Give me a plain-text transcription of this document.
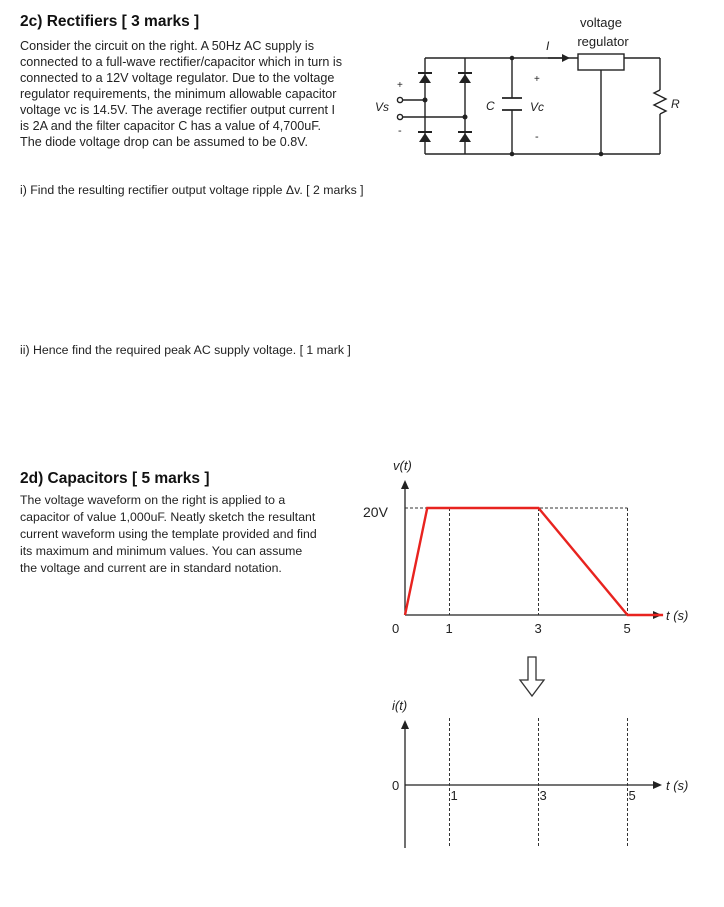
2c) Rectifiers [ 3 marks ]
Consider the circuit on the right. A 50Hz AC supply is
connected to a full-wave rectifier/capacitor which in turn is
connected to a 12V voltage regulator. Due to the voltage
regulator requirements, the minimum allowable capacitor
voltage vᴄ is 14.5V. The average rectifier output current I
is 2A and the filter capacitor C has a value of 4,700uF.
The diode voltage drop can be assumed to be 0.8V.
i) Find the resulting rectifier output voltage ripple Δv. [ 2 marks ]
ii) Hence find the required peak AC supply voltage. [ 1 mark ]
voltage
regulator
I
+
Vs
-
C
+
Vc
-
R
2d) Capacitors [ 5 marks ]
The voltage waveform on the right is applied to a
capacitor of value 1,000uF. Neatly sketch the resultant
current waveform using the template provided and find
its maximum and minimum values. You can assume
the voltage and current are in standard notation.
v(t)
20V
0	1	3	5
t (s)
1	3	5
i(t)
0	t (s)
